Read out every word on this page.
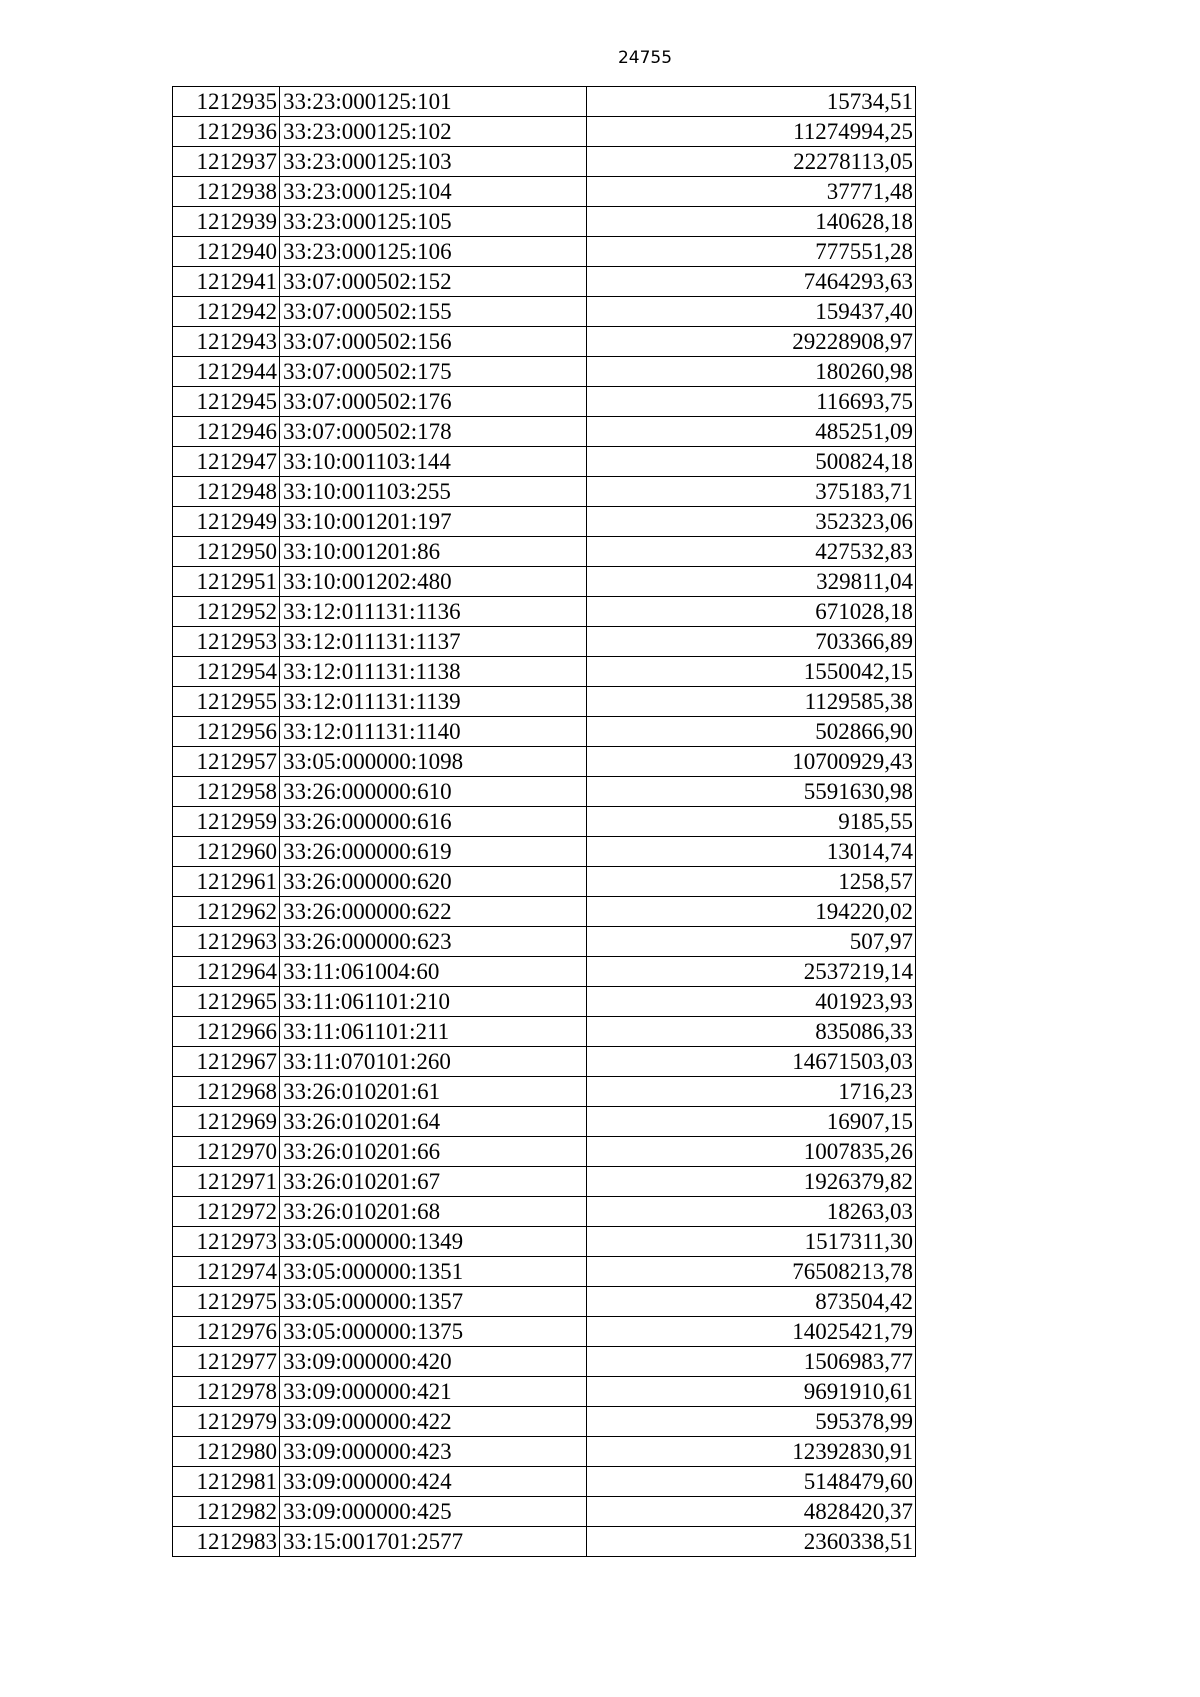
24755
1212935	33:23:000125:101	15734,51
1212936	33:23:000125:102	11274994,25
1212937	33:23:000125:103	22278113,05
1212938	33:23:000125:104	37771,48
1212939	33:23:000125:105	140628,18
1212940	33:23:000125:106	777551,28
1212941	33:07:000502:152	7464293,63
1212942	33:07:000502:155	159437,40
1212943	33:07:000502:156	29228908,97
1212944	33:07:000502:175	180260,98
1212945	33:07:000502:176	116693,75
1212946	33:07:000502:178	485251,09
1212947	33:10:001103:144	500824,18
1212948	33:10:001103:255	375183,71
1212949	33:10:001201:197	352323,06
1212950	33:10:001201:86	427532,83
1212951	33:10:001202:480	329811,04
1212952	33:12:011131:1136	671028,18
1212953	33:12:011131:1137	703366,89
1212954	33:12:011131:1138	1550042,15
1212955	33:12:011131:1139	1129585,38
1212956	33:12:011131:1140	502866,90
1212957	33:05:000000:1098	10700929,43
1212958	33:26:000000:610	5591630,98
1212959	33:26:000000:616	9185,55
1212960	33:26:000000:619	13014,74
1212961	33:26:000000:620	1258,57
1212962	33:26:000000:622	194220,02
1212963	33:26:000000:623	507,97
1212964	33:11:061004:60	2537219,14
1212965	33:11:061101:210	401923,93
1212966	33:11:061101:211	835086,33
1212967	33:11:070101:260	14671503,03
1212968	33:26:010201:61	1716,23
1212969	33:26:010201:64	16907,15
1212970	33:26:010201:66	1007835,26
1212971	33:26:010201:67	1926379,82
1212972	33:26:010201:68	18263,03
1212973	33:05:000000:1349	1517311,30
1212974	33:05:000000:1351	76508213,78
1212975	33:05:000000:1357	873504,42
1212976	33:05:000000:1375	14025421,79
1212977	33:09:000000:420	1506983,77
1212978	33:09:000000:421	9691910,61
1212979	33:09:000000:422	595378,99
1212980	33:09:000000:423	12392830,91
1212981	33:09:000000:424	5148479,60
1212982	33:09:000000:425	4828420,37
1212983	33:15:001701:2577	2360338,51
